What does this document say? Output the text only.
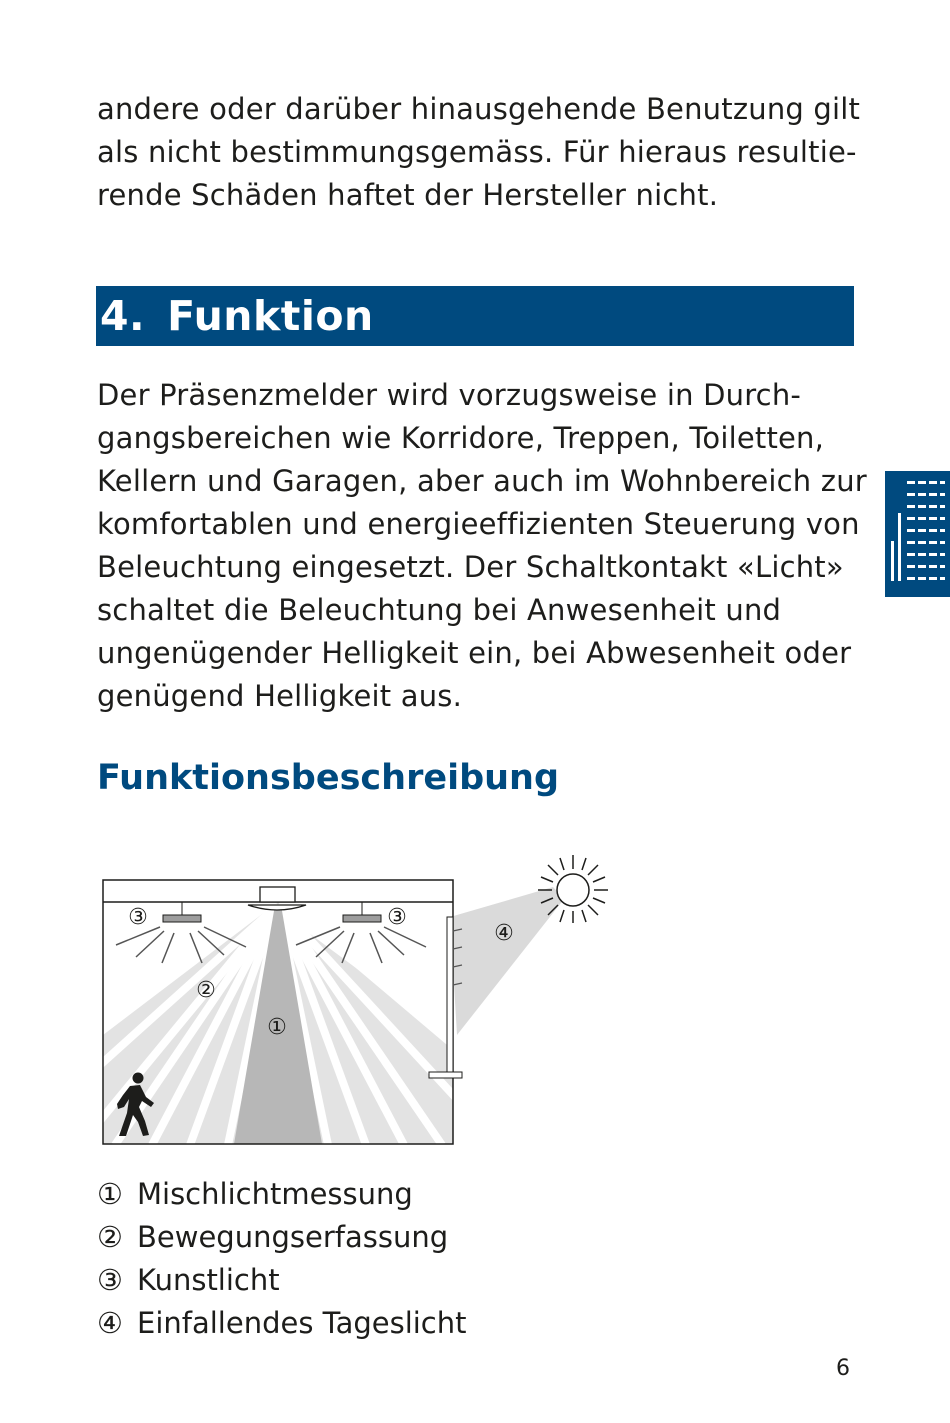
andere oder darüber hinausgehende Benutzung gilt
als nicht bestimmungsgemäss. Für hieraus resultie-
rende Schäden haftet der Hersteller nicht.

4. Funktion

Der Präsenzmelder wird vorzugsweise in Durch-
gangsbereichen wie Korridore, Treppen, Toiletten,
Kellern und Garagen, aber auch im Wohnbereich zur
komfortablen und energieeffizienten Steuerung von
Beleuchtung eingesetzt. Der Schaltkontakt «Licht»
schaltet die Beleuchtung bei Anwesenheit und
ungenügender Helligkeit ein, bei Abwesenheit oder
genügend Helligkeit aus.

Funktionsbeschreibung
①
②
③	③
④
① Mischlichtmessung
② Bewegungserfassung
③ Kunstlicht
④ Einfallendes Tageslicht
6
